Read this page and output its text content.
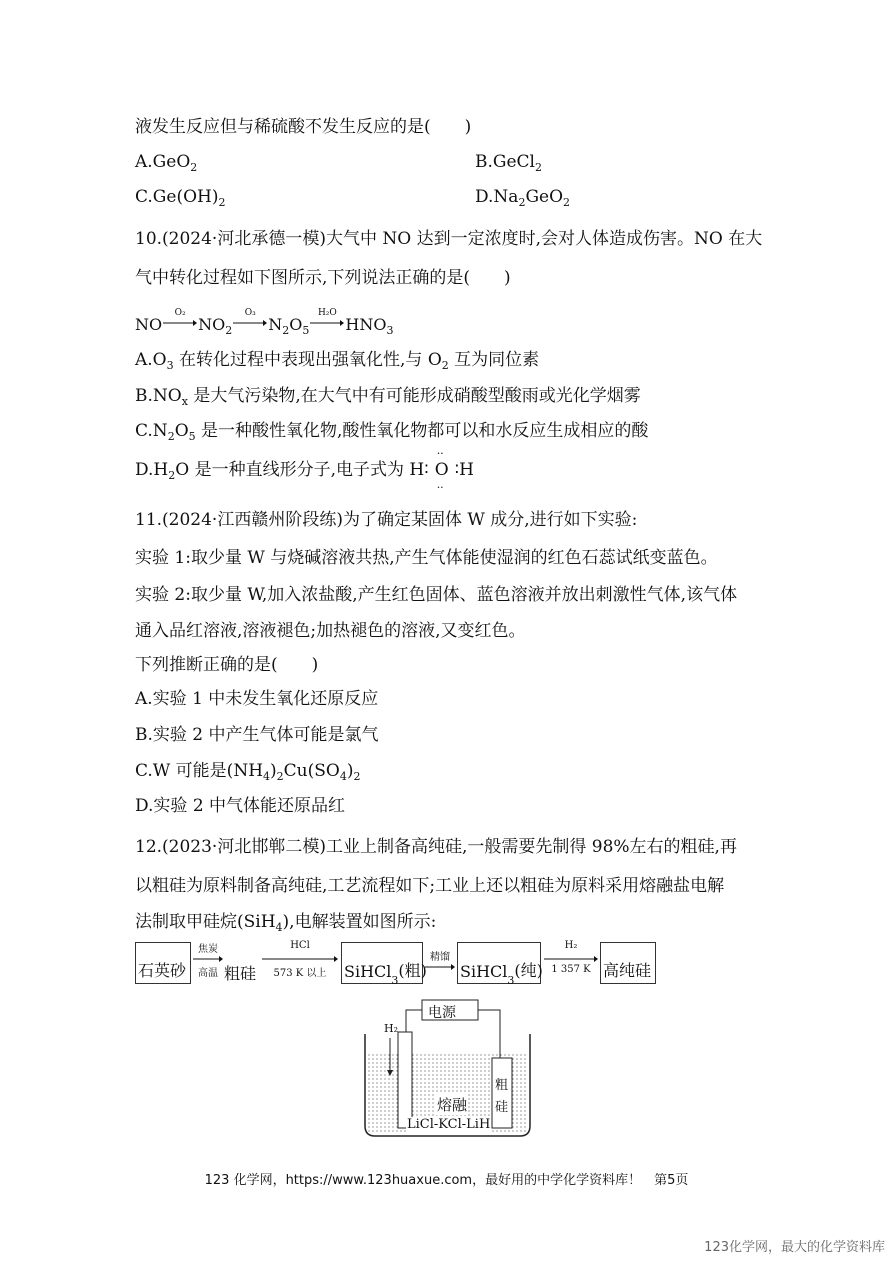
液发生反应但与稀硫酸不发生反应的是(　　)
A.GeO$_2$	B.GeCl$_2$
$C.Ge(OH)_2$	$D.Na_2GeO_2$
10.(2024·河北承德一模)大气中 NO 达到一定浓度时,会对人体造成伤害。NO 在大
气中转化过程如下图所示,下列说法正确的是(　　)
NO
O₂
$NO_2$
O₃
$N_2O_5$
H₂O
$HNO_3$
$A.O_3$ 在转化过程中表现出强氧化性,与 $O_2$ 互为同位素
$B.NO_x$ 是大气污染物,在大气中有可能形成硝酸型酸雨或光化学烟雾
$C.N_2O_5$ 是一种酸性氧化物,酸性氧化物都可以和水反应生成相应的酸
$D.H_2O$ 是一种直线形分子,电子式为 H∶
··
O
··
∶H
11.(2024·江西赣州阶段练)为了确定某固体 W 成分,进行如下实验:
实验 1:取少量 W 与烧碱溶液共热,产生气体能使湿润的红色石蕊试纸变蓝色。
实验 2:取少量 W,加入浓盐酸,产生红色固体、蓝色溶液并放出刺激性气体,该气体
通入品红溶液,溶液褪色;加热褪色的溶液,又变红色。
下列推断正确的是(　　)
A.实验 1 中未发生氧化还原反应
B.实验 2 中产生气体可能是氯气
C.W 可能是$(NH_4)_2Cu(SO_4)_2$
D.实验 2 中气体能还原品红
12.(2023·河北邯郸二模)工业上制备高纯硅,一般需要先制得 98%左右的粗硅,再
以粗硅为原料制备高纯硅,工艺流程如下;工业上还以粗硅为原料采用熔融盐电解
法制取甲硅烷(SiH$_4$),电解装置如图所示:
石英砂
焦炭
高温 粗硅
HCl
573 K 以上	SiHCl 3
(粗)
精馏
SiHCl 3
(纯)
H₂
1 357 K 高纯硅
电源
H₂
熔融
LiCl-KCl-LiH
粗
硅
123 化学网，https://www.123huaxue.com，最好用的中学化学资料库！　第5页
123化学网，最大的化学资料库
